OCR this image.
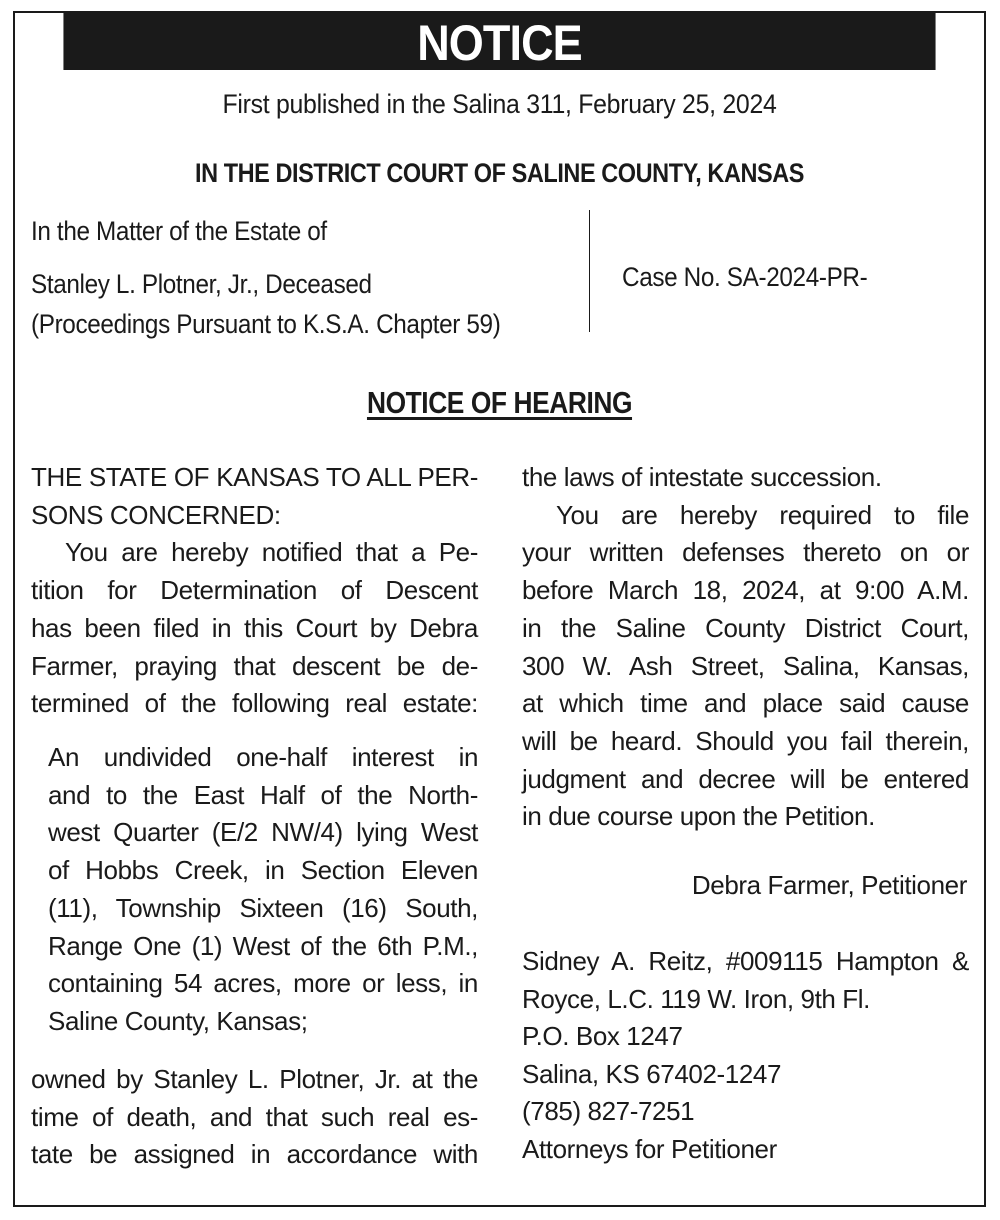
NOTICE
First published in the Salina 311, February 25, 2024
IN THE DISTRICT COURT OF SALINE COUNTY, KANSAS
In the Matter of the Estate of
Stanley L. Plotner, Jr., Deceased
(Proceedings Pursuant to K.S.A. Chapter 59)
Case No. SA-2024-PR-
NOTICE OF HEARING

THE STATE OF KANSAS TO ALL PER-

SONS CONCERNED:

You are hereby notified that a Pe-

tition for Determination of Descent

has been filed in this Court by Debra

Farmer, praying that descent be de-

termined of the following real estate:

An undivided one-half interest in

and to the East Half of the North-

west Quarter (E/2 NW/4) lying West

of Hobbs Creek, in Section Eleven

(11), Township Sixteen (16) South,

Range One (1) West of the 6th P.M.,

containing 54 acres, more or less, in

Saline County, Kansas;

owned by Stanley L. Plotner, Jr. at the

time of death, and that such real es-

tate be assigned in accordance with

the laws of intestate succession.

You are hereby required to file

your written defenses thereto on or

before March 18, 2024, at 9:00 A.M.

in the Saline County District Court,

300 W. Ash Street, Salina, Kansas,

at which time and place said cause

will be heard. Should you fail therein,

judgment and decree will be entered

in due course upon the Petition.

Debra Farmer, Petitioner
Sidney A. Reitz, #009115 Hampton &
Royce, L.C. 119 W. Iron, 9th Fl.
P.O. Box 1247
Salina, KS 67402-1247
(785) 827-7251
Attorneys for Petitioner
